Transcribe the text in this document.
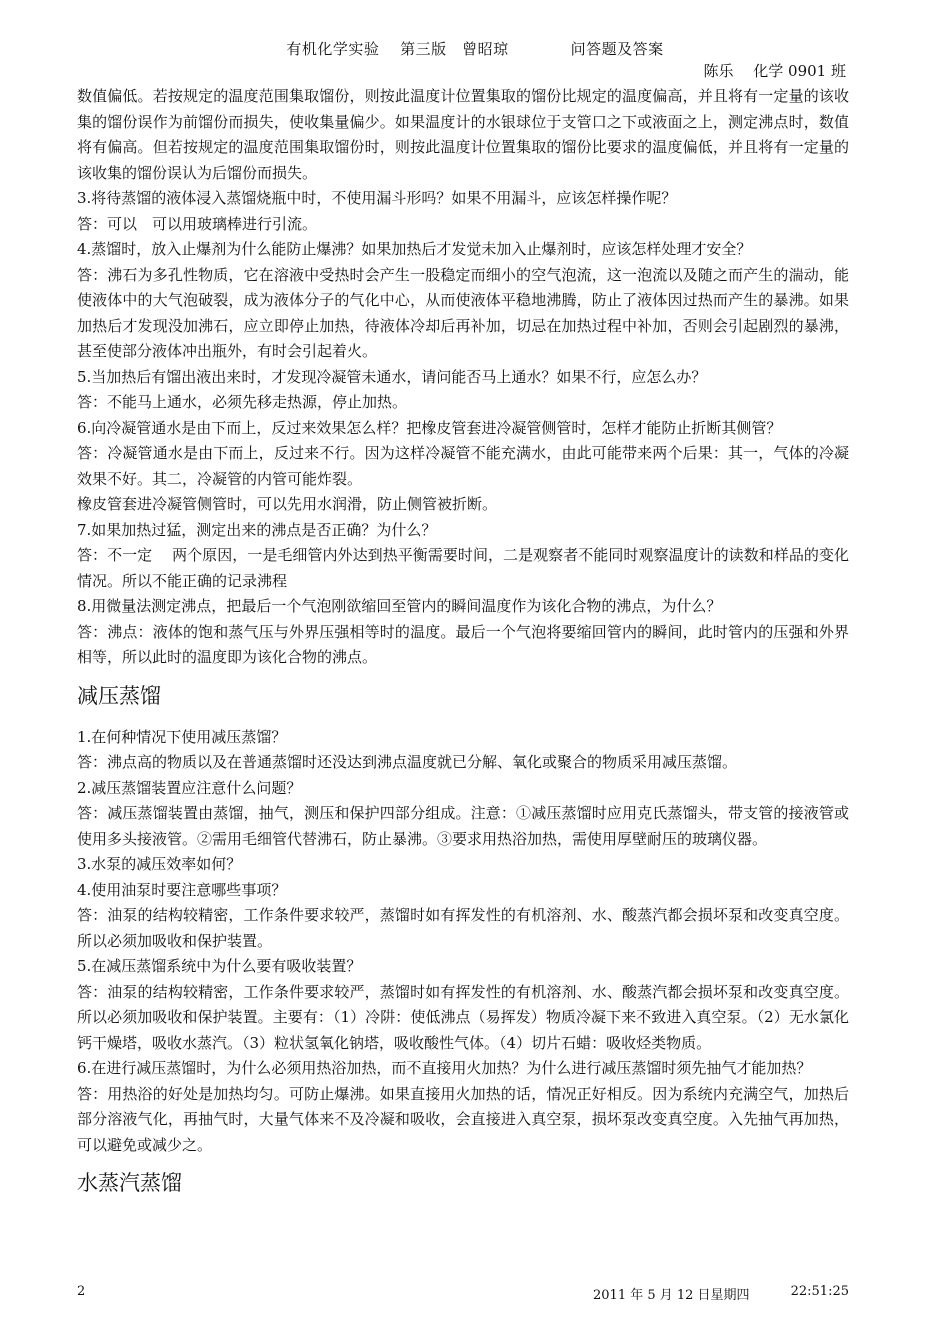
有机化学实验　 第三版　曾昭琼　　　　问答题及答案
陈乐　 化学 0901 班

数值偏低。若按规定的温度范围集取馏份，则按此温度计位置集取的馏份比规定的温度偏高，并且将有一定量的该收集的馏份误作为前馏份而损失，使收集量偏少。如果温度计的水银球位于支管口之下或液面之上，测定沸点时，数值将有偏高。但若按规定的温度范围集取馏份时，则按此温度计位置集取的馏份比要求的温度偏低，并且将有一定量的该收集的馏份误认为后馏份而损失。

3.将待蒸馏的液体浸入蒸馏烧瓶中时，不使用漏斗形吗？如果不用漏斗，应该怎样操作呢？

答：可以　可以用玻璃棒进行引流。

4.蒸馏时，放入止爆剂为什么能防止爆沸？如果加热后才发觉未加入止爆剂时，应该怎样处理才安全？

答：沸石为多孔性物质，它在溶液中受热时会产生一股稳定而细小的空气泡流，这一泡流以及随之而产生的湍动，能使液体中的大气泡破裂，成为液体分子的气化中心，从而使液体平稳地沸腾，防止了液体因过热而产生的暴沸。如果加热后才发现没加沸石，应立即停止加热，待液体冷却后再补加，切忌在加热过程中补加，否则会引起剧烈的暴沸，甚至使部分液体冲出瓶外，有时会引起着火。

5.当加热后有馏出液出来时，才发现冷凝管未通水，请问能否马上通水？如果不行，应怎么办？

答：不能马上通水，必须先移走热源，停止加热。

6.向冷凝管通水是由下而上，反过来效果怎么样？把橡皮管套进冷凝管侧管时，怎样才能防止折断其侧管？

答：冷凝管通水是由下而上，反过来不行。因为这样冷凝管不能充满水，由此可能带来两个后果：其一，气体的冷凝效果不好。其二，冷凝管的内管可能炸裂。

橡皮管套进冷凝管侧管时，可以先用水润滑，防止侧管被折断。

7.如果加热过猛，测定出来的沸点是否正确？为什么？

答：不一定　 两个原因，一是毛细管内外达到热平衡需要时间，二是观察者不能同时观察温度计的读数和样品的变化情况。所以不能正确的记录沸程

8.用微量法测定沸点，把最后一个气泡刚欲缩回至管内的瞬间温度作为该化合物的沸点，为什么？

答：沸点：液体的饱和蒸气压与外界压强相等时的温度。最后一个气泡将要缩回管内的瞬间，此时管内的压强和外界相等，所以此时的温度即为该化合物的沸点。

减压蒸馏

1.在何种情况下使用减压蒸馏？

答：沸点高的物质以及在普通蒸馏时还没达到沸点温度就已分解、氧化或聚合的物质采用减压蒸馏。

2.减压蒸馏装置应注意什么问题？

答：减压蒸馏装置由蒸馏，抽气，测压和保护四部分组成。注意：①减压蒸馏时应用克氏蒸馏头，带支管的接液管或使用多头接液管。②需用毛细管代替沸石，防止暴沸。③要求用热浴加热，需使用厚壁耐压的玻璃仪器。

3.水泵的减压效率如何？

4.使用油泵时要注意哪些事项？

答：油泵的结构较精密，工作条件要求较严，蒸馏时如有挥发性的有机溶剂、水、酸蒸汽都会损坏泵和改变真空度。所以必须加吸收和保护装置。

5.在减压蒸馏系统中为什么要有吸收装置？

答：油泵的结构较精密，工作条件要求较严，蒸馏时如有挥发性的有机溶剂、水、酸蒸汽都会损坏泵和改变真空度。所以必须加吸收和保护装置。主要有：（1）冷阱：使低沸点（易挥发）物质冷凝下来不致进入真空泵。（2）无水氯化钙干燥塔，吸收水蒸汽。（3）粒状氢氧化钠塔，吸收酸性气体。（4）切片石蜡：吸收烃类物质。

6.在进行减压蒸馏时，为什么必须用热浴加热，而不直接用火加热？为什么进行减压蒸馏时须先抽气才能加热？

答：用热浴的好处是加热均匀。可防止爆沸。如果直接用火加热的话，情况正好相反。因为系统内充满空气，加热后部分溶液气化，再抽气时，大量气体来不及冷凝和吸收，会直接进入真空泵，损坏泵改变真空度。入先抽气再加热，可以避免或减少之。

水蒸汽蒸馏
2	2011 年 5 月 12 日星期四	22:51:25
